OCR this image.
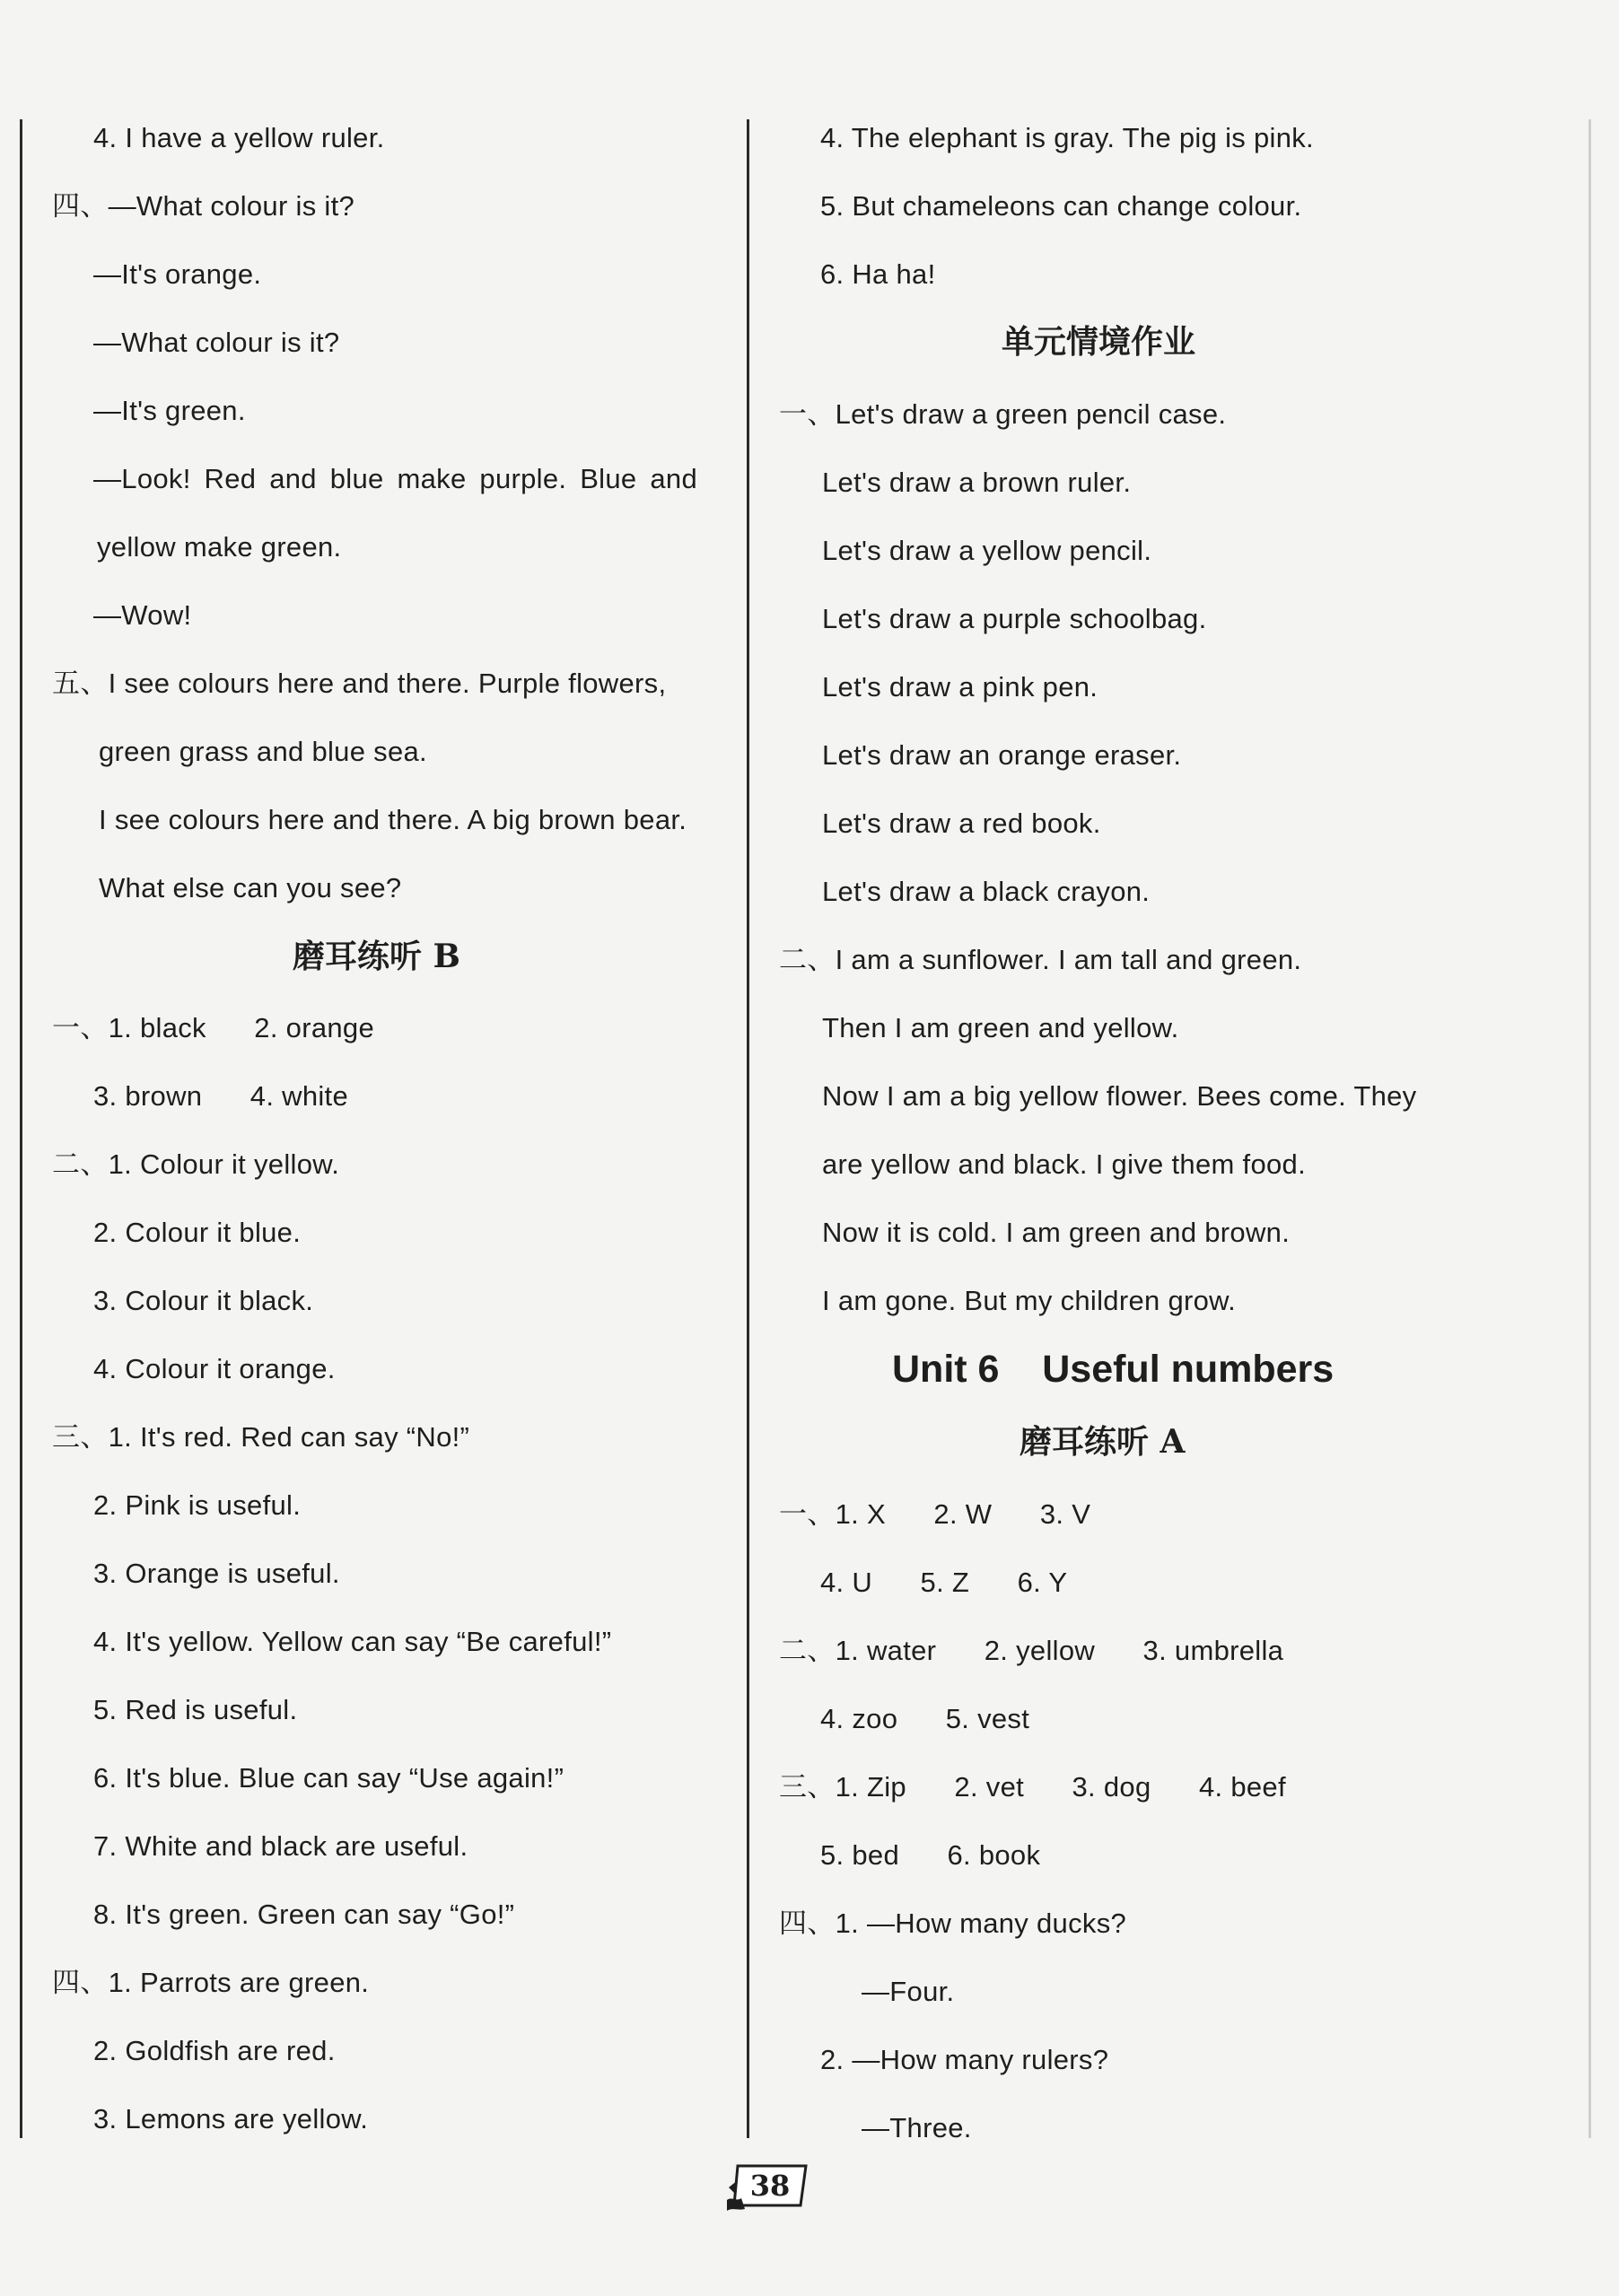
4. I have a yellow ruler.
四、—What colour is it?
—It's orange.
—What colour is it?
—It's green.
—Look! Red and blue make purple. Blue and
yellow make green.
—Wow!
五、I see colours here and there. Purple flowers,
green grass and blue sea.
I see colours here and there. A big brown bear.
What else can you see?
磨耳练听 B
一、1. black      2. orange
3. brown      4. white
二、1. Colour it yellow.
2. Colour it blue.
3. Colour it black.
4. Colour it orange.
三、1. It's red. Red can say “No!”
2. Pink is useful.
3. Orange is useful.
4. It's yellow. Yellow can say “Be careful!”
5. Red is useful.
6. It's blue. Blue can say “Use again!”
7. White and black are useful.
8. It's green. Green can say “Go!”
四、1. Parrots are green.
2. Goldfish are red.
3. Lemons are yellow.
4. The elephant is gray. The pig is pink.
5. But chameleons can change colour.
6. Ha ha!
单元情境作业
一、Let's draw a green pencil case.
Let's draw a brown ruler.
Let's draw a yellow pencil.
Let's draw a purple schoolbag.
Let's draw a pink pen.
Let's draw an orange eraser.
Let's draw a red book.
Let's draw a black crayon.
二、I am a sunflower. I am tall and green.
Then I am green and yellow.
Now I am a big yellow flower. Bees come. They
are yellow and black. I give them food.
Now it is cold. I am green and brown.
I am gone. But my children grow.
Unit 6    Useful numbers
磨耳练听 A
一、1. X      2. W      3. V
4. U      5. Z      6. Y
二、1. water      2. yellow      3. umbrella
4. zoo      5. vest
三、1. Zip      2. vet      3. dog      4. beef
5. bed      6. book
四、1. —How many ducks?
—Four.
2. —How many rulers?
—Three.
38
